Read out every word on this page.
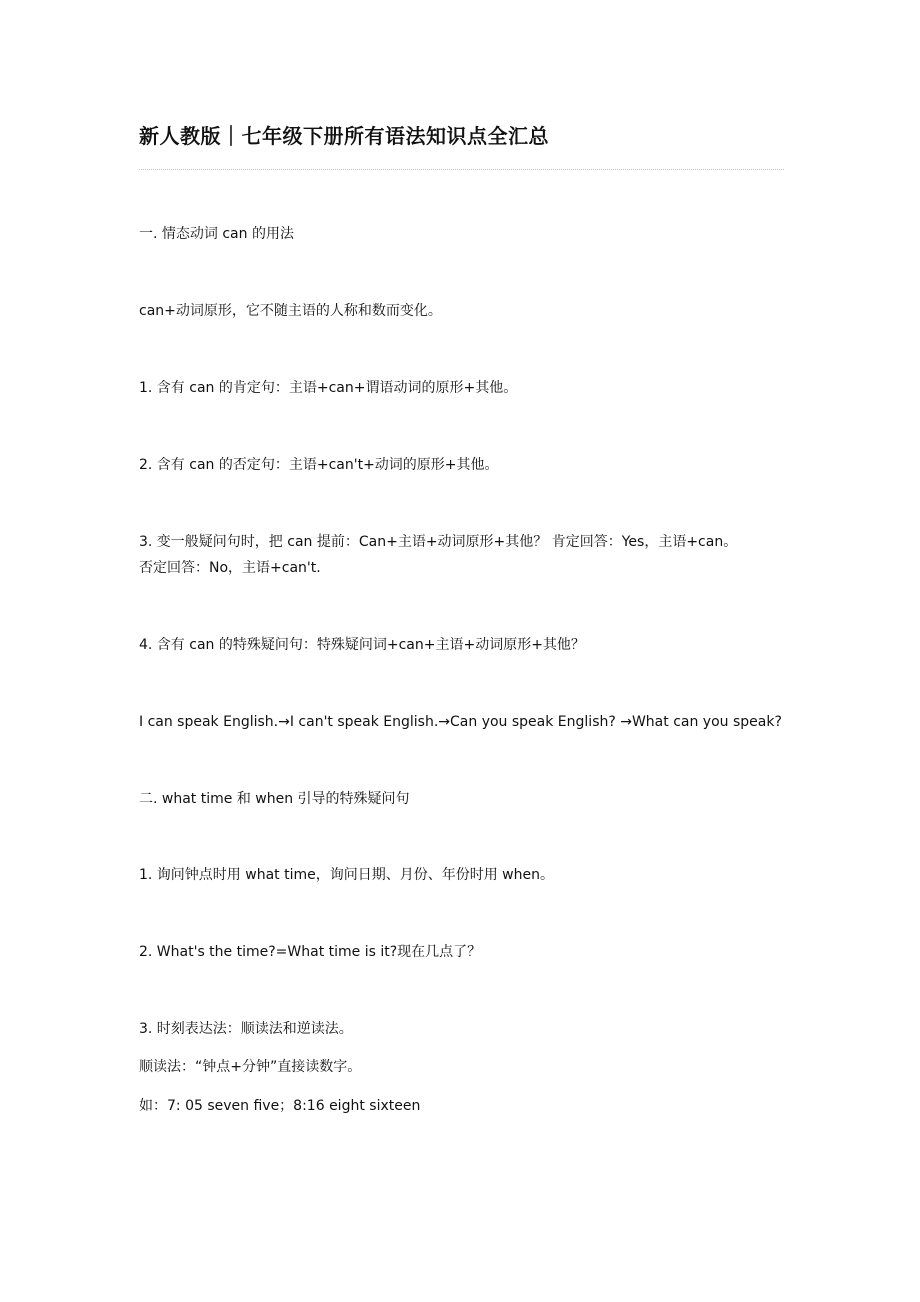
新人教版｜七年级下册所有语法知识点全汇总
一. 情态动词 can 的用法
can+动词原形，它不随主语的人称和数而变化。
1. 含有 can 的肯定句：主语+can+谓语动词的原形+其他。
2. 含有 can 的否定句：主语+can't+动词的原形+其他。
3. 变一般疑问句时，把 can 提前：Can+主语+动词原形+其他？ 肯定回答：Yes，主语+can。
否定回答：No，主语+can't.
4. 含有 can 的特殊疑问句：特殊疑问词+can+主语+动词原形+其他？
I can speak English.→I can't speak English.→Can you speak English? →What can you speak?
二. what time 和 when 引导的特殊疑问句
1. 询问钟点时用 what time，询问日期、月份、年份时用 when。
2. What's the time?=What time is it?现在几点了？
3. 时刻表达法：顺读法和逆读法。
顺读法：“钟点+分钟”直接读数字。
如：7: 05 seven five；8:16 eight sixteen
